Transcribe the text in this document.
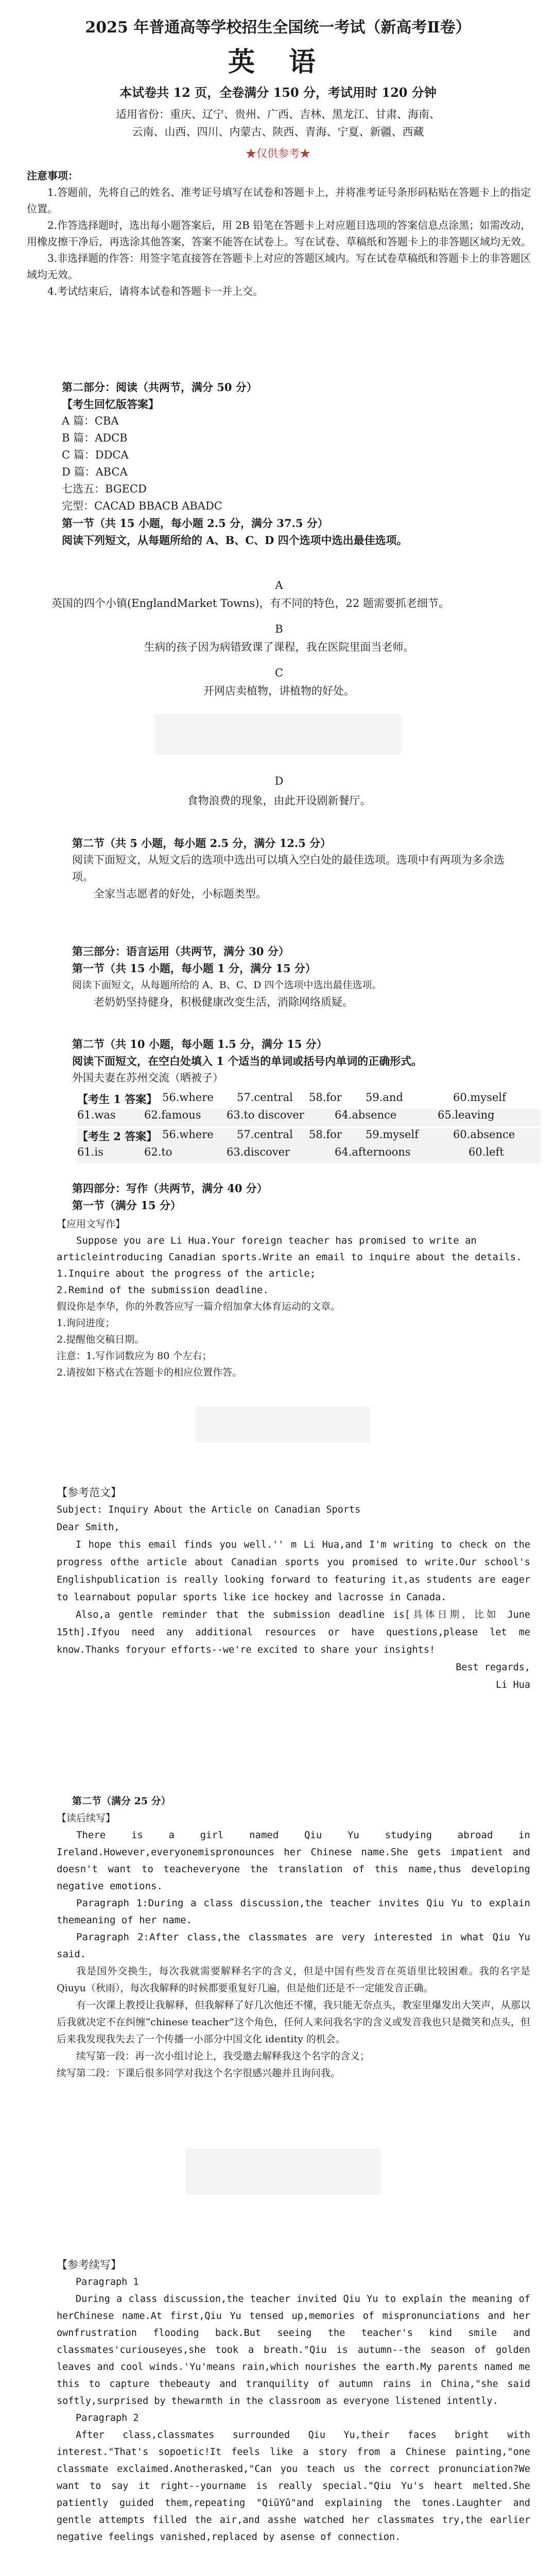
2025 年普通高等学校招生全国统一考试（新高考Ⅱ卷）
英 语
本试卷共 12 页，全卷满分 150 分，考试用时 120 分钟
适用省份：重庆、辽宁、贵州、广西、吉林、黑龙江、甘肃、海南、
云南、山西、四川、内蒙古、陕西、青海、宁夏、新疆、西藏
★仅供参考★

注意事项：

1.答题前，先将自己的姓名、准考证号填写在试卷和答题卡上，并将准考证号条形码粘贴在答题卡上的指定位置。

2.作答选择题时，选出每小题答案后，用 2B 铅笔在答题卡上对应题目选项的答案信息点涂黑；如需改动，用橡皮擦干净后，再选涂其他答案，答案不能答在试卷上。写在试卷、草稿纸和答题卡上的非答题区域均无效。

3.非选择题的作答：用签字笔直接答在答题卡上对应的答题区域内。写在试卷草稿纸和答题卡上的非答题区域均无效。

4.考试结束后，请将本试卷和答题卡一并上交。

第二部分：阅读（共两节，满分 50 分）

【考生回忆版答案】

A 篇：CBA

B 篇：ADCB

C 篇：DDCA

D 篇：ABCA

七选五：BGECD

完型：CACAD BBACB ABADC

第一节（共 15 小题，每小题 2.5 分，满分 37.5 分）

阅读下列短文，从每题所给的 A、B、C、D 四个选项中选出最佳选项。

A
英国的四个小镇(EnglandMarket Towns)，有不同的特色，22 题需要抓老细节。
B
生病的孩子因为病错致课了课程，我在医院里面当老师。
C
开网店卖植物，讲植物的好处。
D
食物浪费的现象，由此开设剧新餐厅。

第二节（共 5 小题，每小题 2.5 分，满分 12.5 分）

阅读下面短文，从短文后的选项中选出可以填入空白处的最佳选项。选项中有两项为多余选项。

全家当志愿者的好处，小标题类型。

第三部分：语言运用（共两节，满分 30 分）

第一节（共 15 小题，每小题 1 分，满分 15 分）

阅读下面短文，从每题所给的 A、B、C、D 四个选项中选出最佳选项。

老奶奶坚持健身，积极健康改变生活，消除网络质疑。

第二节（共 10 小题，每小题 1.5 分，满分 15 分）

阅读下面短文，在空白处填入 1 个适当的单词或括号内单词的正确形式。

外国夫妻在苏州交流（晒被子）

【考生 1 答案】 56.where 57.central 58.for 59.and	60.myself
61.was	62.famous 63.to discover	64.absence	65.leaving
【考生 2 答案】 56.where 57.central 58.for 59.myself	60.absence
61.is	62.to	63.discover	64.afternoons	60.left

第四部分：写作（共两节，满分 40 分）

第一节（满分 15 分）

【应用文写作】

Suppose you are Li Hua.Your foreign teacher has promised to write an articleintroducing Canadian sports.Write an email to inquire about the details.

1.Inquire about the progress of the article;

2.Remind of the submission deadline.

假设你是李华，你的外教答应写一篇介绍加拿大体育运动的文章。

1.询问进度；

2.提醒他交稿日期。

注意：1.写作词数应为 80 个左右；

2.请按如下格式在答题卡的相应位置作答。

【参考范文】

Subject: Inquiry About the Article on Canadian Sports

Dear Smith,

I hope this email finds you well.'' m Li Hua,and I'm writing to check on the progress ofthe article about Canadian sports you promised to write.Our school's Englishpublication is really looking forward to featuring it,as students are eager to learnabout popular sports like ice hockey and lacrosse in Canada.

Also,a gentle reminder that the submission deadline is[具体日期，比如 June 15th].Ifyou need any additional resources or have questions,please let me know.Thanks foryour efforts--we're excited to share your insights!

Best regards,

Li Hua

第二节（满分 25 分）

【读后续写】

There is a girl named Qiu Yu studying abroad in Ireland.However,everyonemispronounces her Chinese name.She gets impatient and doesn't want to teacheveryone the translation of this name,thus developing negative emotions.

Paragraph 1:During a class discussion,the teacher invites Qiu Yu to explain themeaning of her name.

Paragraph 2:After class,the classmates are very interested in what Qiu Yu said.

我是国外交换生，每次我就需要解释名字的含义，但是中国有些发音在英语里比较困难。我的名字是Qiuyu（秋雨），每次我解释的时候都要重复好几遍，但是他们还是不一定能发音正确。

有一次课上教授让我解释，但我解释了好几次他还不懂，我只能无奈点头，教室里爆发出大笑声，从那以后我就决定不在纠缠“chinese teacher”这个角色，任何人来问我名字的含义或发音我也只是微笑和点头，但后来我发现我失去了一个传播一小部分中国文化 identity 的机会。

续写第一段：再一次小组讨论上，我受邀去解释我这个名字的含义；

续写第二段：下课后很多同学对我这个名字很感兴趣并且询问我。

【参考续写】

Paragraph 1

During a class discussion,the teacher invited Qiu Yu to explain the meaning of herChinese name.At first,Qiu Yu tensed up,memories of mispronunciations and her ownfrustration flooding back.But seeing the teacher's kind smile and classmates'curiouseyes,she took a breath."Qiu is autumn--the season of golden leaves and cool winds.'Yu'means rain,which nourishes the earth.My parents named me this to capture thebeauty and tranquility of autumn rains in China,"she said softly,surprised by thewarmth in the classroom as everyone listened intently.

Paragraph 2

After class,classmates surrounded Qiu Yu,their faces bright with interest."That's sopoetic!It feels like a story from a Chinese painting,"one classmate exclaimed.Anotherasked,"Can you teach us the correct pronunciation?We want to say it right--yourname is really special."Qiu Yu's heart melted.She patiently guided them,repeating "QiūYǔ"and explaining the tones.Laughter and gentle attempts filled the air,and asshe watched her classmates try,the earlier negative feelings vanished,replaced by asense of connection.
